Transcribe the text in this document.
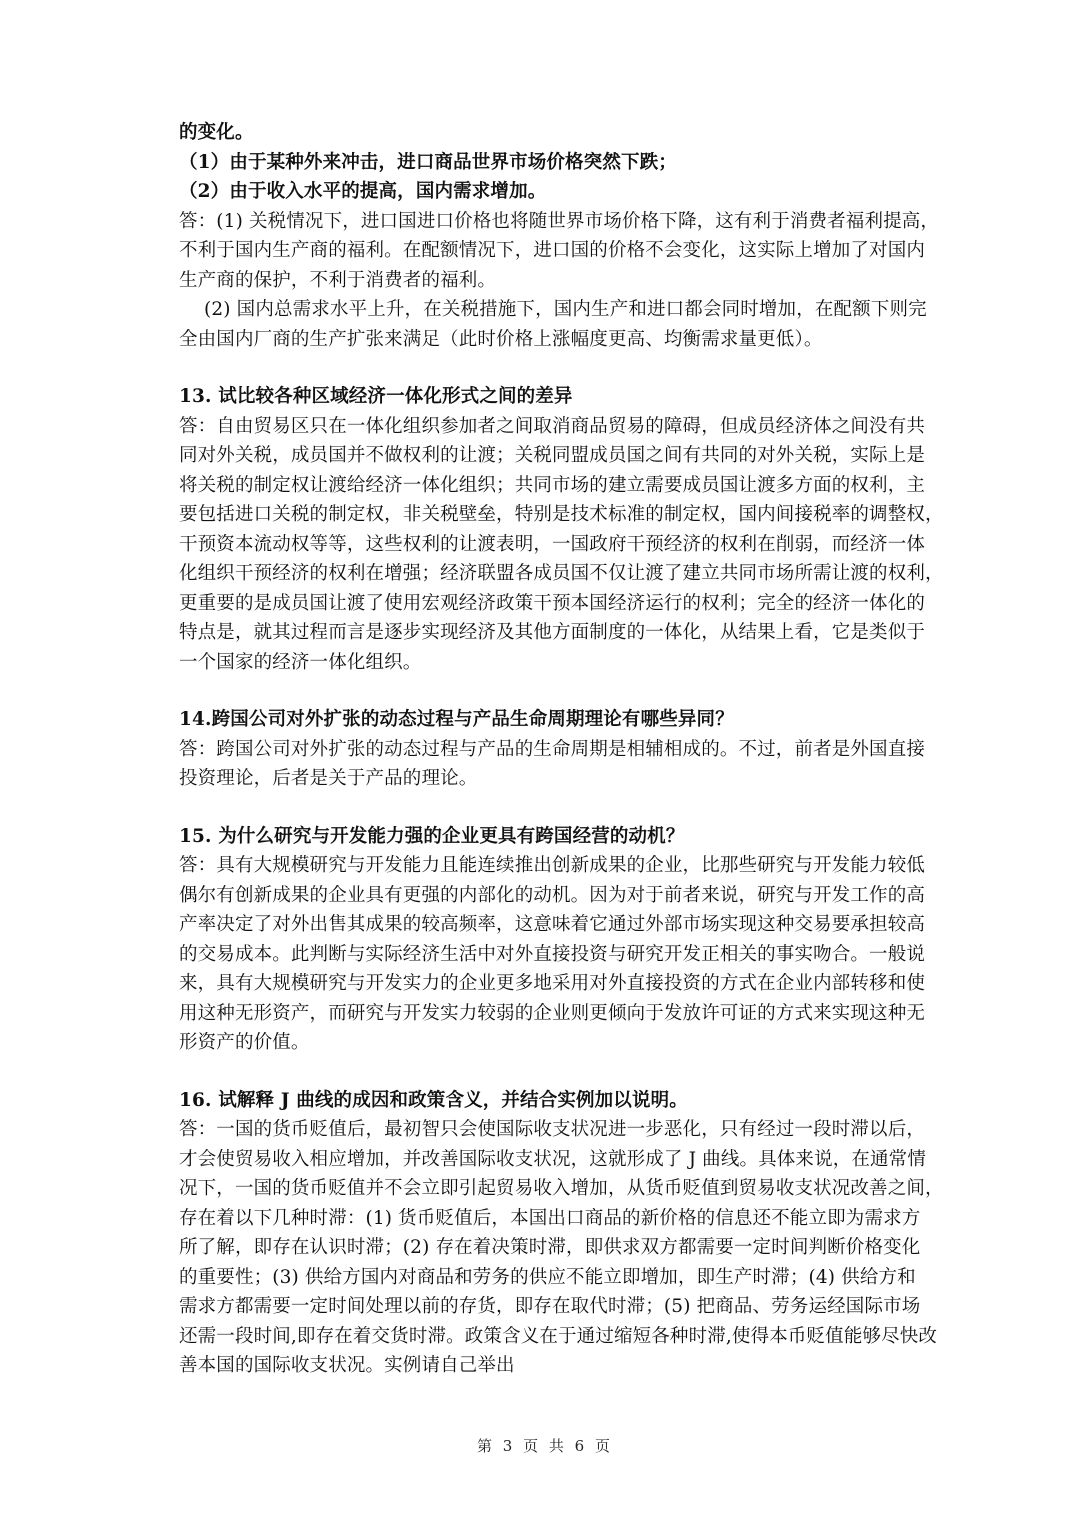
的变化。
（1）由于某种外来冲击，进口商品世界市场价格突然下跌；
（2）由于收入水平的提高，国内需求增加。
答：(1) 关税情况下，进口国进口价格也将随世界市场价格下降，这有利于消费者福利提高，
不利于国内生产商的福利。在配额情况下，进口国的价格不会变化，这实际上增加了对国内
生产商的保护，不利于消费者的福利。
(2) 国内总需求水平上升，在关税措施下，国内生产和进口都会同时增加，在配额下则完
全由国内厂商的生产扩张来满足（此时价格上涨幅度更高、均衡需求量更低）。
13. 试比较各种区域经济一体化形式之间的差异
答：自由贸易区只在一体化组织参加者之间取消商品贸易的障碍，但成员经济体之间没有共
同对外关税，成员国并不做权利的让渡；关税同盟成员国之间有共同的对外关税，实际上是
将关税的制定权让渡给经济一体化组织；共同市场的建立需要成员国让渡多方面的权利，主
要包括进口关税的制定权，非关税壁垒，特别是技术标准的制定权，国内间接税率的调整权，
干预资本流动权等等，这些权利的让渡表明，一国政府干预经济的权利在削弱，而经济一体
化组织干预经济的权利在增强；经济联盟各成员国不仅让渡了建立共同市场所需让渡的权利，
更重要的是成员国让渡了使用宏观经济政策干预本国经济运行的权利；完全的经济一体化的
特点是，就其过程而言是逐步实现经济及其他方面制度的一体化，从结果上看，它是类似于
一个国家的经济一体化组织。
14.跨国公司对外扩张的动态过程与产品生命周期理论有哪些异同？
答：跨国公司对外扩张的动态过程与产品的生命周期是相辅相成的。不过，前者是外国直接
投资理论，后者是关于产品的理论。
15. 为什么研究与开发能力强的企业更具有跨国经营的动机？
答：具有大规模研究与开发能力且能连续推出创新成果的企业，比那些研究与开发能力较低
偶尔有创新成果的企业具有更强的内部化的动机。因为对于前者来说，研究与开发工作的高
产率决定了对外出售其成果的较高频率，这意味着它通过外部市场实现这种交易要承担较高
的交易成本。此判断与实际经济生活中对外直接投资与研究开发正相关的事实吻合。一般说
来，具有大规模研究与开发实力的企业更多地采用对外直接投资的方式在企业内部转移和使
用这种无形资产，而研究与开发实力较弱的企业则更倾向于发放许可证的方式来实现这种无
形资产的价值。
16. 试解释 J 曲线的成因和政策含义，并结合实例加以说明。
答：一国的货币贬值后，最初智只会使国际收支状况进一步恶化，只有经过一段时滞以后，
才会使贸易收入相应增加，并改善国际收支状况，这就形成了 J 曲线。具体来说，在通常情
况下，一国的货币贬值并不会立即引起贸易收入增加，从货币贬值到贸易收支状况改善之间，
存在着以下几种时滞：(1) 货币贬值后，本国出口商品的新价格的信息还不能立即为需求方
所了解，即存在认识时滞；(2) 存在着决策时滞，即供求双方都需要一定时间判断价格变化
的重要性；(3) 供给方国内对商品和劳务的供应不能立即增加，即生产时滞；(4) 供给方和
需求方都需要一定时间处理以前的存货，即存在取代时滞；(5) 把商品、劳务运经国际市场
还需一段时间,即存在着交货时滞。政策含义在于通过缩短各种时滞,使得本币贬值能够尽快改
善本国的国际收支状况。实例请自己举出
第 3 页 共 6 页
